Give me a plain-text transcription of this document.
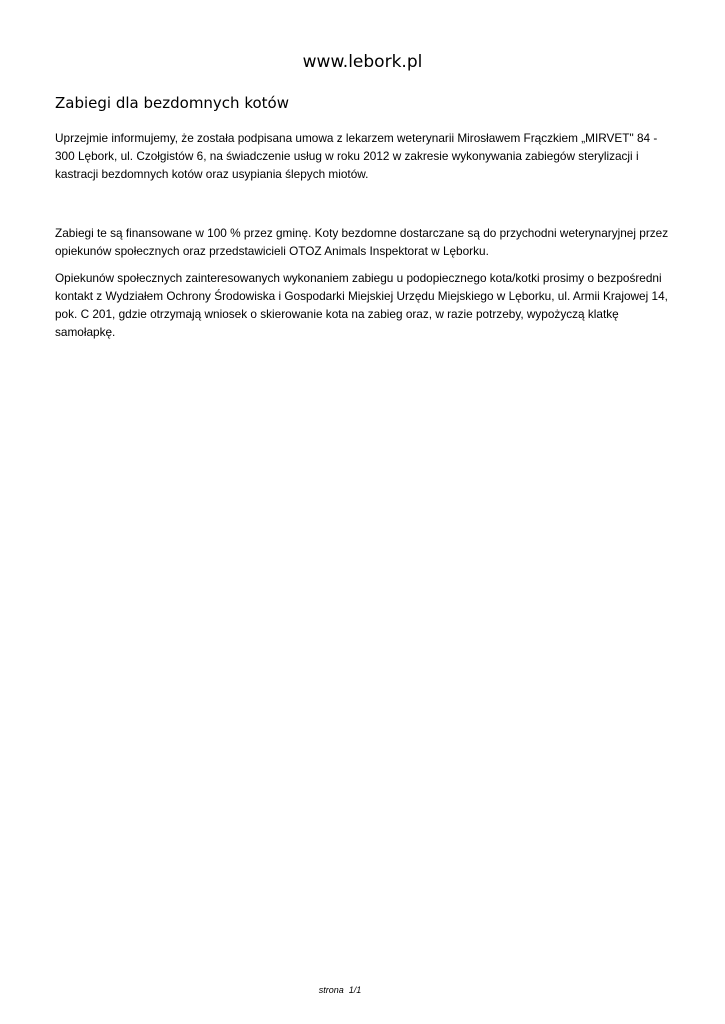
www.lebork.pl
Zabiegi dla bezdomnych kotów

Uprzejmie informujemy, że została podpisana umowa z lekarzem weterynarii Mirosławem Frączkiem „MIRVET" 84 - 300 Lębork, ul. Czołgistów 6, na świadczenie usług w roku 2012 w zakresie wykonywania zabiegów sterylizacji i kastracji bezdomnych kotów oraz usypiania ślepych miotów.

Zabiegi te są finansowane w 100 % przez gminę. Koty bezdomne dostarczane są do przychodni weterynaryjnej przez opiekunów społecznych oraz przedstawicieli OTOZ Animals Inspektorat w Lęborku.

Opiekunów społecznych zainteresowanych wykonaniem zabiegu u podopiecznego kota/kotki prosimy o bezpośredni kontakt z Wydziałem Ochrony Środowiska i Gospodarki Miejskiej Urzędu Miejskiego w Lęborku, ul. Armii Krajowej 14, pok. C 201, gdzie otrzymają wniosek o skierowanie kota na zabieg oraz, w razie potrzeby, wypożyczą klatkę samołapkę.

strona  1/1
